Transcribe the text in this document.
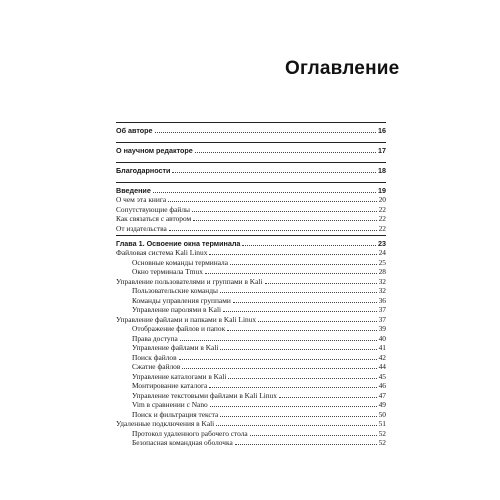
Оглавление
Об авторе	16
О научном редакторе	17
Благодарности	18
Введение	19
О чем эта книга	20
Сопутствующие файлы	22
Как связаться с автором	22
От издательства	22
Глава 1. Освоение окна терминала	23
Файловая система Kali Linux	24
Основные команды терминала	25
Окно терминала Tmux	28
Управление пользователями и группами в Kali	32
Пользовательские команды	32
Команды управления группами	36
Управление паролями в Kali	37
Управление файлами и папками в Kali Linux	37
Отображение файлов и папок	39
Права доступа	40
Управление файлами в Kali	41
Поиск файлов	42
Сжатие файлов	44
Управление каталогами в Kali	45
Монтирование каталога	46
Управление текстовыми файлами в Kali Linux	47
Vim в сравнении с Nano	49
Поиск и фильтрация текста	50
Удаленные подключения в Kali	51
Протокол удаленного рабочего стола	52
Безопасная командная оболочка	52
